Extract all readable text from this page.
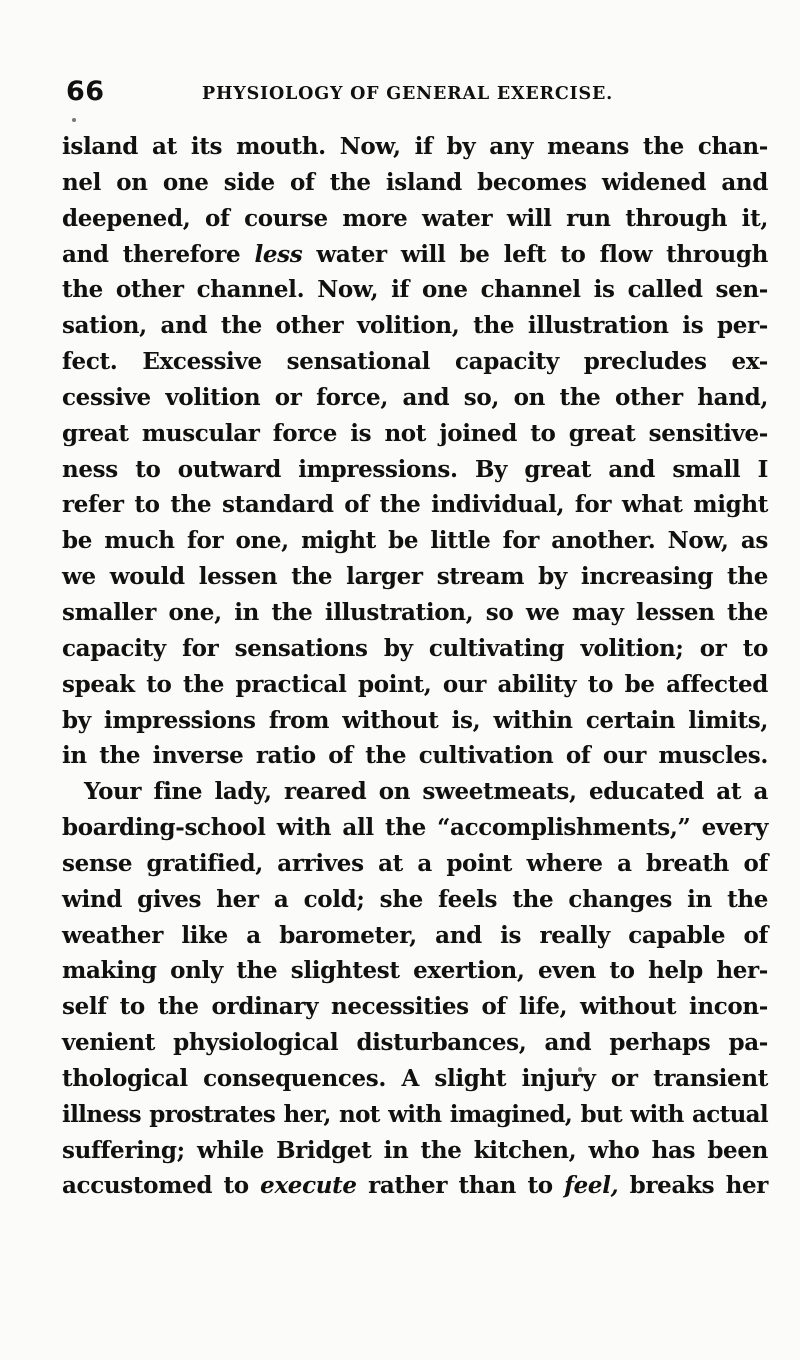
66	PHYSIOLOGY OF GENERAL EXERCISE.
island at its mouth. Now, if by any means the chan-
nel on one side of the island becomes widened and
deepened, of course more water will run through it,
and therefore less water will be left to flow through
the other channel. Now, if one channel is called sen-
sation, and the other volition, the illustration is per-
fect. Excessive sensational capacity precludes ex-
cessive volition or force, and so, on the other hand,
great muscular force is not joined to great sensitive-
ness to outward impressions. By great and small I
refer to the standard of the individual, for what might
be much for one, might be little for another. Now, as
we would lessen the larger stream by increasing the
smaller one, in the illustration, so we may lessen the
capacity for sensations by cultivating volition; or to
speak to the practical point, our ability to be affected
by impressions from without is, within certain limits,
in the inverse ratio of the cultivation of our muscles.
Your fine lady, reared on sweetmeats, educated at a
boarding-school with all the “accomplishments,” every
sense gratified, arrives at a point where a breath of
wind gives her a cold; she feels the changes in the
weather like a barometer, and is really capable of
making only the slightest exertion, even to help her-
self to the ordinary necessities of life, without incon-
venient physiological disturbances, and perhaps pa-
thological consequences. A slight injury or transient
illness prostrates her, not with imagined, but with actual
suffering; while Bridget in the kitchen, who has been
accustomed to execute rather than to feel, breaks her
